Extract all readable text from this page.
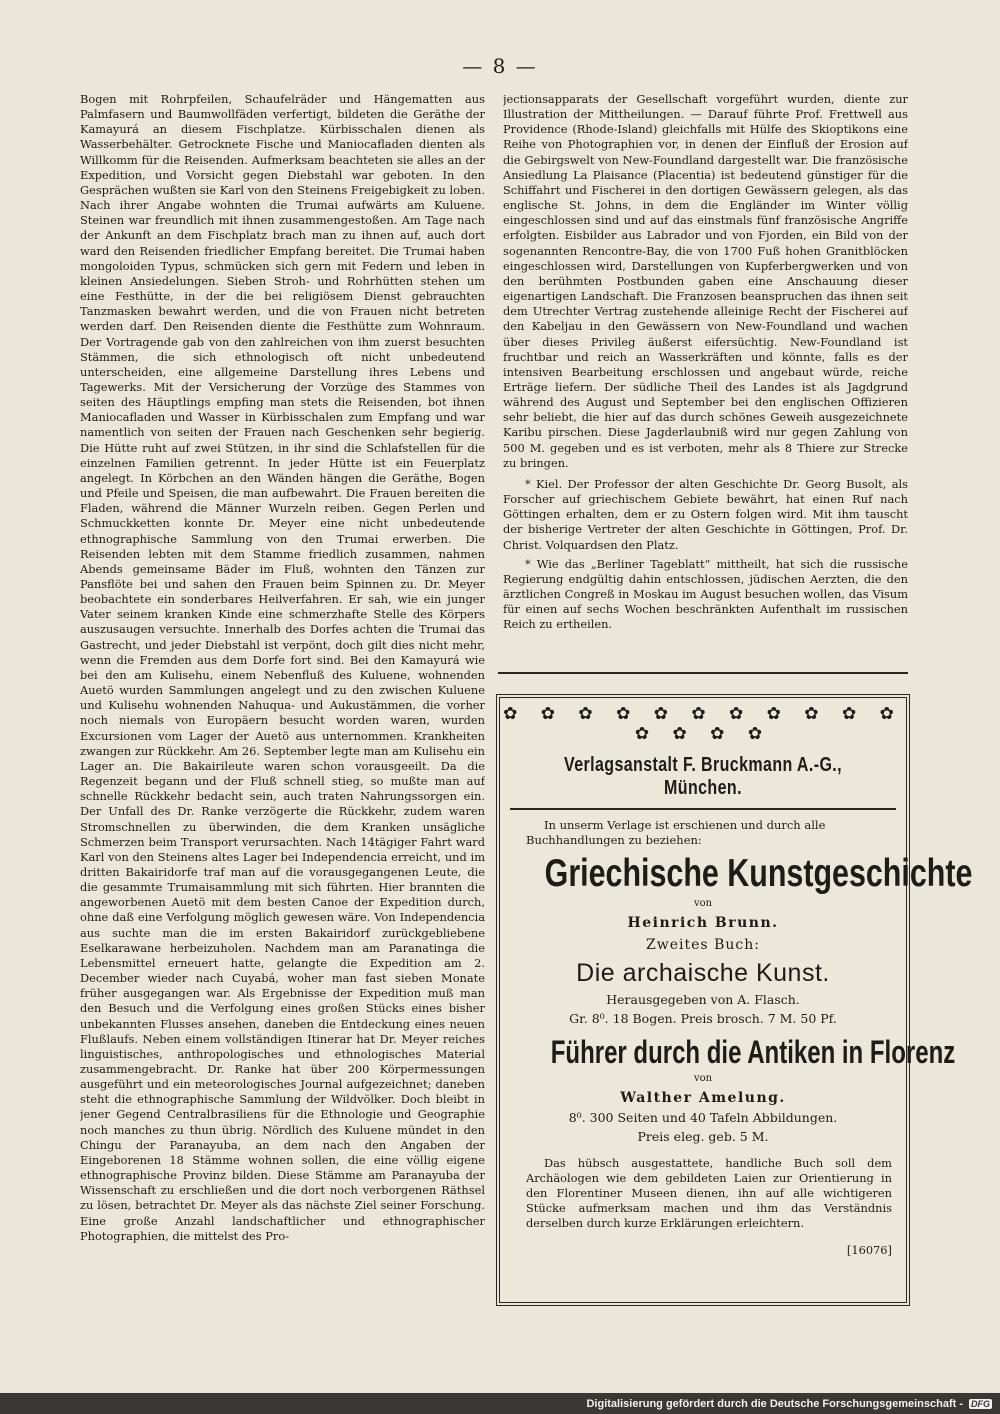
— 8 —

Bogen mit Rohrpfeilen, Schaufelräder und Hängematten aus Palmfasern und Baumwollfäden verfertigt, bildeten die Geräthe der Kamayurá an diesem Fischplatze. Kürbisschalen dienen als Wasserbehälter. Getrocknete Fische und Maniocafladen dienten als Willkomm für die Reisenden. Aufmerksam beachteten sie alles an der Expedition, und Vorsicht gegen Diebstahl war geboten. In den Gesprächen wußten sie Karl von den Steinens Freigebigkeit zu loben. Nach ihrer Angabe wohnten die Trumai aufwärts am Kuluene. Steinen war freundlich mit ihnen zusammengestoßen. Am Tage nach der Ankunft an dem Fischplatz brach man zu ihnen auf, auch dort ward den Reisenden friedlicher Empfang bereitet. Die Trumai haben mongoloiden Typus, schmücken sich gern mit Federn und leben in kleinen Ansiedelungen. Sieben Stroh- und Rohrhütten stehen um eine Festhütte, in der die bei religiösem Dienst gebrauchten Tanzmasken bewahrt werden, und die von Frauen nicht betreten werden darf. Den Reisenden diente die Festhütte zum Wohnraum. Der Vortragende gab von den zahlreichen von ihm zuerst besuchten Stämmen, die sich ethnologisch oft nicht unbedeutend unterscheiden, eine allgemeine Darstellung ihres Lebens und Tagewerks. Mit der Versicherung der Vorzüge des Stammes von seiten des Häuptlings empfing man stets die Reisenden, bot ihnen Maniocafladen und Wasser in Kürbisschalen zum Empfang und war namentlich von seiten der Frauen nach Geschenken sehr begierig. Die Hütte ruht auf zwei Stützen, in ihr sind die Schlafstellen für die einzelnen Familien getrennt. In jeder Hütte ist ein Feuerplatz angelegt. In Körbchen an den Wänden hängen die Geräthe, Bogen und Pfeile und Speisen, die man aufbewahrt. Die Frauen bereiten die Fladen, während die Männer Wurzeln reiben. Gegen Perlen und Schmuckketten konnte Dr. Meyer eine nicht unbedeutende ethnographische Sammlung von den Trumai erwerben. Die Reisenden lebten mit dem Stamme friedlich zusammen, nahmen Abends gemeinsame Bäder im Fluß, wohnten den Tänzen zur Pansflöte bei und sahen den Frauen beim Spinnen zu. Dr. Meyer beobachtete ein sonderbares Heilverfahren. Er sah, wie ein junger Vater seinem kranken Kinde eine schmerzhafte Stelle des Körpers auszusaugen versuchte. Innerhalb des Dorfes achten die Trumai das Gastrecht, und jeder Diebstahl ist verpönt, doch gilt dies nicht mehr, wenn die Fremden aus dem Dorfe fort sind. Bei den Kamayurá wie bei den am Kulisehu, einem Nebenfluß des Kuluene, wohnenden Auetö wurden Sammlungen angelegt und zu den zwischen Kuluene und Kulisehu wohnenden Nahuqua- und Aukustämmen, die vorher noch niemals von Europäern besucht worden waren, wurden Excursionen vom Lager der Auetö aus unternommen. Krankheiten zwangen zur Rückkehr. Am 26. September legte man am Kulisehu ein Lager an. Die Bakairileute waren schon vorausgeeilt. Da die Regenzeit begann und der Fluß schnell stieg, so mußte man auf schnelle Rückkehr bedacht sein, auch traten Nahrungssorgen ein. Der Unfall des Dr. Ranke verzögerte die Rückkehr, zudem waren Stromschnellen zu überwinden, die dem Kranken unsägliche Schmerzen beim Transport verursachten. Nach 14tägiger Fahrt ward Karl von den Steinens altes Lager bei Independencia erreicht, und im dritten Bakairidorfe traf man auf die vorausgegangenen Leute, die die gesammte Trumaisammlung mit sich führten. Hier brannten die angeworbenen Auetö mit dem besten Canoe der Expedition durch, ohne daß eine Verfolgung möglich gewesen wäre. Von Independencia aus suchte man die im ersten Bakairidorf zurückgebliebene Eselkarawane herbeizuholen. Nachdem man am Paranatinga die Lebensmittel erneuert hatte, gelangte die Expedition am 2. December wieder nach Cuyabá, woher man fast sieben Monate früher ausgegangen war. Als Ergebnisse der Expedition muß man den Besuch und die Verfolgung eines großen Stücks eines bisher unbekannten Flusses ansehen, daneben die Entdeckung eines neuen Flußlaufs. Neben einem vollständigen Itinerar hat Dr. Meyer reiches linguistisches, anthropologisches und ethnologisches Material zusammengebracht. Dr. Ranke hat über 200 Körpermessungen ausgeführt und ein meteorologisches Journal aufgezeichnet; daneben steht die ethnographische Sammlung der Wildvölker. Doch bleibt in jener Gegend Centralbrasiliens für die Ethnologie und Geographie noch manches zu thun übrig. Nördlich des Kuluene mündet in den Chingu der Paranayuba, an dem nach den Angaben der Eingeborenen 18 Stämme wohnen sollen, die eine völlig eigene ethnographische Provinz bilden. Diese Stämme am Paranayuba der Wissenschaft zu erschließen und die dort noch verborgenen Räthsel zu lösen, betrachtet Dr. Meyer als das nächste Ziel seiner Forschung. Eine große Anzahl landschaftlicher und ethnographischer Photographien, die mittelst des Pro-

jectionsapparats der Gesellschaft vorgeführt wurden, diente zur Illustration der Mittheilungen. — Darauf führte Prof. Frettwell aus Providence (Rhode-Island) gleichfalls mit Hülfe des Skioptikons eine Reihe von Photographien vor, in denen der Einfluß der Erosion auf die Gebirgswelt von New-Foundland dargestellt war. Die französische Ansiedlung La Plaisance (Placentia) ist bedeutend günstiger für die Schiffahrt und Fischerei in den dortigen Gewässern gelegen, als das englische St. Johns, in dem die Engländer im Winter völlig eingeschlossen sind und auf das einstmals fünf französische Angriffe erfolgten. Eisbilder aus Labrador und von Fjorden, ein Bild von der sogenannten Rencontre-Bay, die von 1700 Fuß hohen Granitblöcken eingeschlossen wird, Darstellungen von Kupferbergwerken und von den berühmten Postbunden gaben eine Anschauung dieser eigenartigen Landschaft. Die Franzosen beanspruchen das ihnen seit dem Utrechter Vertrag zustehende alleinige Recht der Fischerei auf den Kabeljau in den Gewässern von New-Foundland und wachen über dieses Privileg äußerst eifersüchtig. New-Foundland ist fruchtbar und reich an Wasserkräften und könnte, falls es der intensiven Bearbeitung erschlossen und angebaut würde, reiche Erträge liefern. Der südliche Theil des Landes ist als Jagdgrund während des August und September bei den englischen Offizieren sehr beliebt, die hier auf das durch schönes Geweih ausgezeichnete Karibu pirschen. Diese Jagderlaubniß wird nur gegen Zahlung von 500 M. gegeben und es ist verboten, mehr als 8 Thiere zur Strecke zu bringen.

* Kiel. Der Professor der alten Geschichte Dr. Georg Busolt, als Forscher auf griechischem Gebiete bewährt, hat einen Ruf nach Göttingen erhalten, dem er zu Ostern folgen wird. Mit ihm tauscht der bisherige Vertreter der alten Geschichte in Göttingen, Prof. Dr. Christ. Volquardsen den Platz.

* Wie das „Berliner Tageblatt“ mittheilt, hat sich die russische Regierung endgültig dahin entschlossen, jüdischen Aerzten, die den ärztlichen Congreß in Moskau im August besuchen wollen, das Visum für einen auf sechs Wochen beschränkten Aufenthalt im russischen Reich zu ertheilen.

✿ ✿ ✿ ✿ ✿ ✿ ✿ ✿ ✿ ✿ ✿ ✿ ✿ ✿ ✿
Verlagsanstalt F. Bruckmann A.-G., München.
In unserm Verlage ist erschienen und durch alle Buchhandlungen zu beziehen:
Griechische Kunstgeschichte
von
Heinrich Brunn.
Zweites Buch:
Die archaische Kunst.
Herausgegeben von A. Flasch.
Gr. 8⁰. 18 Bogen. Preis brosch. 7 M. 50 Pf.
Führer durch die Antiken in Florenz
von
Walther Amelung.
8⁰. 300 Seiten und 40 Tafeln Abbildungen.
Preis eleg. geb. 5 M.
Das hübsch ausgestattete, handliche Buch soll dem Archäologen wie dem gebildeten Laien zur Orientierung in den Florentiner Museen dienen, ihn auf alle wichtigeren Stücke aufmerksam machen und ihm das Verständnis derselben durch kurze Erklärungen erleichtern.
[16076]
Digitalisierung gefördert durch die Deutsche Forschungsgemeinschaft - DFG
